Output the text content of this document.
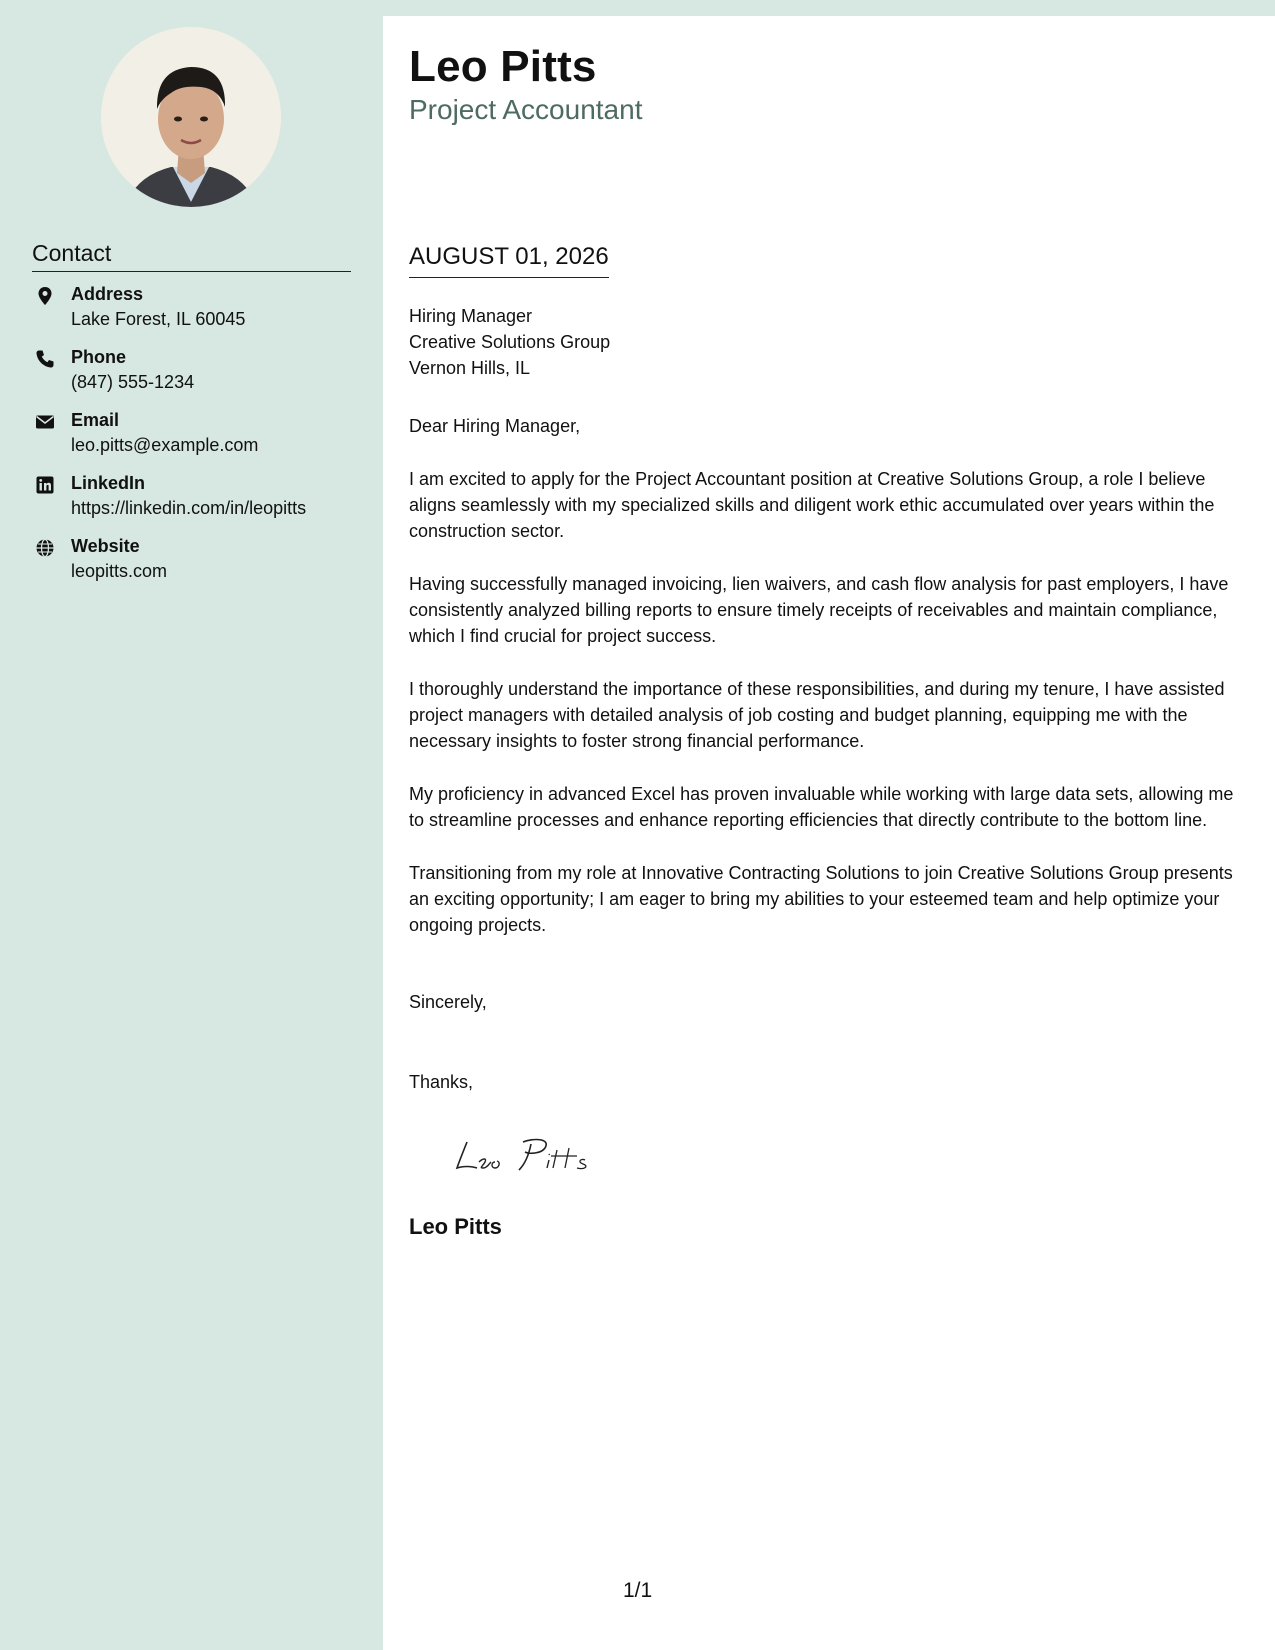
Contact
Address
Lake Forest, IL 60045
Phone
(847) 555-1234
Email
leo.pitts@example.com
LinkedIn
https://linkedin.com/in/leopitts
Website
leopitts.com
Leo Pitts
Project Accountant
AUGUST 01, 2026
Hiring Manager
Creative Solutions Group
Vernon Hills, IL

Dear Hiring Manager,

I am excited to apply for the Project Accountant position at Creative Solutions Group, a role I believe aligns seamlessly with my specialized skills and diligent work ethic accumulated over years within the construction sector.

Having successfully managed invoicing, lien waivers, and cash flow analysis for past employers, I have consistently analyzed billing reports to ensure timely receipts of receivables and maintain compliance, which I find crucial for project success.

I thoroughly understand the importance of these responsibilities, and during my tenure, I have assisted project managers with detailed analysis of job costing and budget planning, equipping me with the necessary insights to foster strong financial performance.

My proficiency in advanced Excel has proven invaluable while working with large data sets, allowing me to streamline processes and enhance reporting efficiencies that directly contribute to the bottom line.

Transitioning from my role at Innovative Contracting Solutions to join Creative Solutions Group presents an exciting opportunity; I am eager to bring my abilities to your esteemed team and help optimize your ongoing projects.

Sincerely,
Thanks,
Leo Pitts
1/1
